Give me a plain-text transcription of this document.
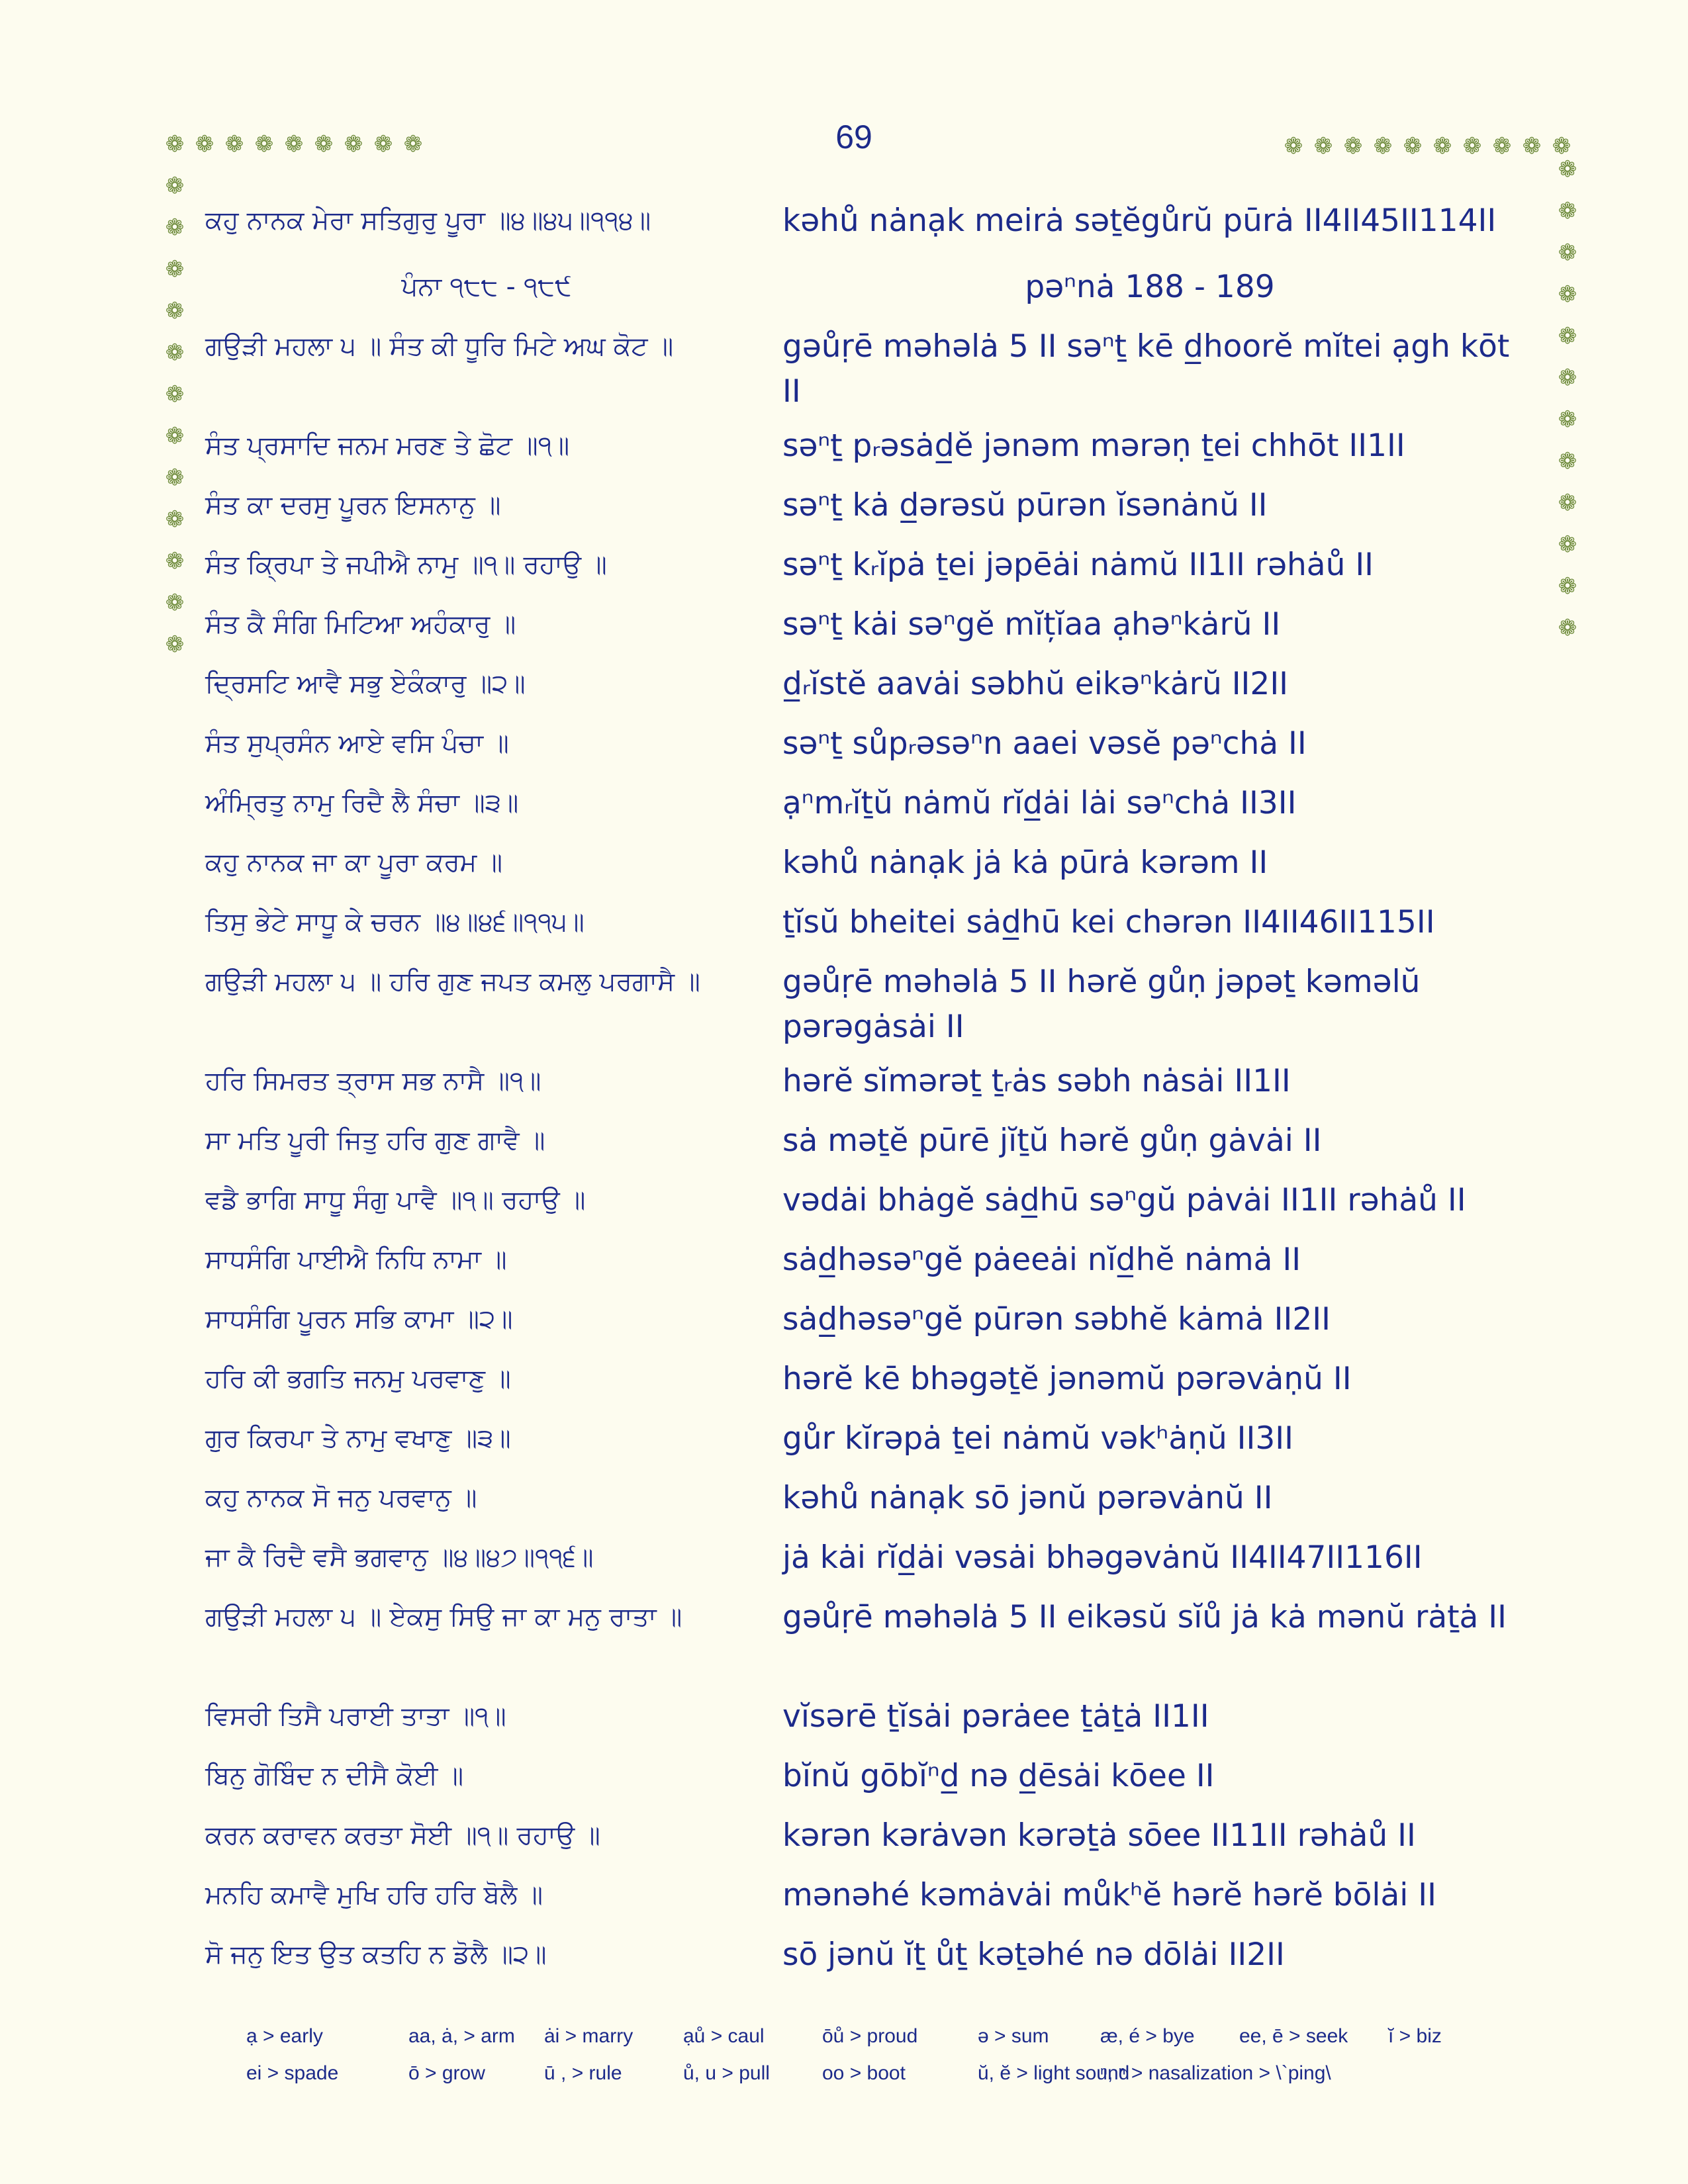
69
❁ ❁ ❁ ❁ ❁ ❁ ❁ ❁ ❁
❁
❁
❁
❁
❁
❁
❁
❁
❁
❁
❁
❁
❁ ❁ ❁ ❁ ❁ ❁ ❁ ❁ ❁ ❁
❁
❁
❁
❁
❁
❁
❁
❁
❁
❁
❁
❁
ਕਹੁ ਨਾਨਕ ਮੇਰਾ ਸਤਿਗੁਰੁ ਪੂਰਾ ॥੪॥੪੫॥੧੧੪॥	kəhů nȧnạk meirȧ səṯĕgůrŭ pūrȧ II4II45II114II
ਪੰਨਾ ੧੮੮ - ੧੮੯	pəⁿnȧ 188 - 189
ਗਉੜੀ ਮਹਲਾ ੫ ॥ ਸੰਤ ਕੀ ਧੂਰਿ ਮਿਟੇ ਅਘ ਕੋਟ ॥	gəůṛē məhəlȧ 5 II səⁿṯ kē d̲hoorĕ mĭtei ạgh kōt II
ਸੰਤ ਪ੍ਰਸਾਦਿ ਜਨਮ ਮਰਣ ਤੇ ਛੋਟ ॥੧॥	səⁿṯ pᵣəsȧd̲ĕ jənəm mərəṇ ṯei chhōt II1II
ਸੰਤ ਕਾ ਦਰਸੁ ਪੂਰਨ ਇਸਨਾਨੁ ॥	səⁿṯ kȧ d̲ərəsŭ pūrən ĭsənȧnŭ II
ਸੰਤ ਕ੍ਰਿਪਾ ਤੇ ਜਪੀਐ ਨਾਮੁ ॥੧॥ ਰਹਾਉ ॥	səⁿṯ kᵣĭpȧ ṯei jəpēȧi nȧmŭ II1II rəhȧů II
ਸੰਤ ਕੈ ਸੰਗਿ ਮਿਟਿਆ ਅਹੰਕਾਰੁ ॥	səⁿṯ kȧi səⁿgĕ mĭțĭaa ạhəⁿkȧrŭ II
ਦ੍ਰਿਸਟਿ ਆਵੈ ਸਭੁ ਏਕੰਕਾਰੁ ॥੨॥	d̲ᵣĭstĕ aavȧi səbhŭ eikəⁿkȧrŭ II2II
ਸੰਤ ਸੁਪ੍ਰਸੰਨ ਆਏ ਵਸਿ ਪੰਚਾ ॥	səⁿṯ sůpᵣəsəⁿn aaei vəsĕ pəⁿchȧ II
ਅੰਮ੍ਰਿਤੁ ਨਾਮੁ ਰਿਦੈ ਲੈ ਸੰਚਾ ॥੩॥	ạⁿmᵣĭṯŭ nȧmŭ rĭd̲ȧi lȧi səⁿchȧ II3II
ਕਹੁ ਨਾਨਕ ਜਾ ਕਾ ਪੂਰਾ ਕਰਮ ॥	kəhů nȧnạk jȧ kȧ pūrȧ kərəm II
ਤਿਸੁ ਭੇਟੇ ਸਾਧੂ ਕੇ ਚਰਨ ॥੪॥੪੬॥੧੧੫॥	ṯĭsŭ bheitei sȧd̲hū kei chərən II4II46II115II
ਗਉੜੀ ਮਹਲਾ ੫ ॥ ਹਰਿ ਗੁਣ ਜਪਤ ਕਮਲੁ ਪਰਗਾਸੈ ॥	gəůṛē məhəlȧ 5 II hərĕ gůṇ jəpəṯ kəməlŭ pərəgȧsȧi II
ਹਰਿ ਸਿਮਰਤ ਤ੍ਰਾਸ ਸਭ ਨਾਸੈ ॥੧॥	hərĕ sĭmərəṯ ṯᵣȧs səbh nȧsȧi II1II
ਸਾ ਮਤਿ ਪੂਰੀ ਜਿਤੁ ਹਰਿ ਗੁਣ ਗਾਵੈ ॥	sȧ məṯĕ pūrē jĭṯŭ hərĕ gůṇ gȧvȧi II
ਵਡੈ ਭਾਗਿ ਸਾਧੂ ਸੰਗੁ ਪਾਵੈ ॥੧॥ ਰਹਾਉ ॥	vədȧi bhȧgĕ sȧd̲hū səⁿgŭ pȧvȧi II1II rəhȧů II
ਸਾਧਸੰਗਿ ਪਾਈਐ ਨਿਧਿ ਨਾਮਾ ॥	sȧd̲həsəⁿgĕ pȧeeȧi nĭd̲hĕ nȧmȧ II
ਸਾਧਸੰਗਿ ਪੂਰਨ ਸਭਿ ਕਾਮਾ ॥੨॥	sȧd̲həsəⁿgĕ pūrən səbhĕ kȧmȧ II2II
ਹਰਿ ਕੀ ਭਗਤਿ ਜਨਮੁ ਪਰਵਾਣੁ ॥	hərĕ kē bhəgəṯĕ jənəmŭ pərəvȧṇŭ II
ਗੁਰ ਕਿਰਪਾ ਤੇ ਨਾਮੁ ਵਖਾਣੁ ॥੩॥	gůr kĭrəpȧ ṯei nȧmŭ vəkʰȧṇŭ II3II
ਕਹੁ ਨਾਨਕ ਸੋ ਜਨੁ ਪਰਵਾਨੁ ॥	kəhů nȧnạk sō jənŭ pərəvȧnŭ II
ਜਾ ਕੈ ਰਿਦੈ ਵਸੈ ਭਗਵਾਨੁ ॥੪॥੪੭॥੧੧੬॥	jȧ kȧi rĭd̲ȧi vəsȧi bhəgəvȧnŭ II4II47II116II
ਗਉੜੀ ਮਹਲਾ ੫ ॥ ਏਕਸੁ ਸਿਉ ਜਾ ਕਾ ਮਨੁ ਰਾਤਾ ॥	gəůṛē məhəlȧ 5 II eikəsŭ sĭů jȧ kȧ mənŭ rȧṯȧ II
ਵਿਸਰੀ ਤਿਸੈ ਪਰਾਈ ਤਾਤਾ ॥੧॥	vĭsərē ṯĭsȧi pərȧee ṯȧṯȧ II1II
ਬਿਨੁ ਗੋਬਿੰਦ ਨ ਦੀਸੈ ਕੋਈ ॥	bĭnŭ gōbĭⁿd̲ nə d̲ēsȧi kōee II
ਕਰਨ ਕਰਾਵਨ ਕਰਤਾ ਸੋਈ ॥੧॥ ਰਹਾਉ ॥	kərən kərȧvən kərəṯȧ sōee II11II rəhȧů II
ਮਨਹਿ ਕਮਾਵੈ ਮੁਖਿ ਹਰਿ ਹਰਿ ਬੋਲੈ ॥	mənəhé kəmȧvȧi můkʰĕ hərĕ hərĕ bōlȧi II
ਸੋ ਜਨੁ ਇਤ ਉਤ ਕਤਹਿ ਨ ਡੋਲੈ ॥੨॥	sō jənŭ ĭṯ ůṯ kəṯəhé nə dōlȧi II2II
ạ > early	aa, ȧ, > arm ȧi > marry	ạů > caul	ōů > proud	ə > sum	æ, é > bye ee, ē > seek ĭ > biz
ei > spade	ō > grow	ū , > rule	ů, u > pull	oo > boot	ŭ, ĕ > light sound
ⁿ, ⁿ > nasalization > \`ping\
